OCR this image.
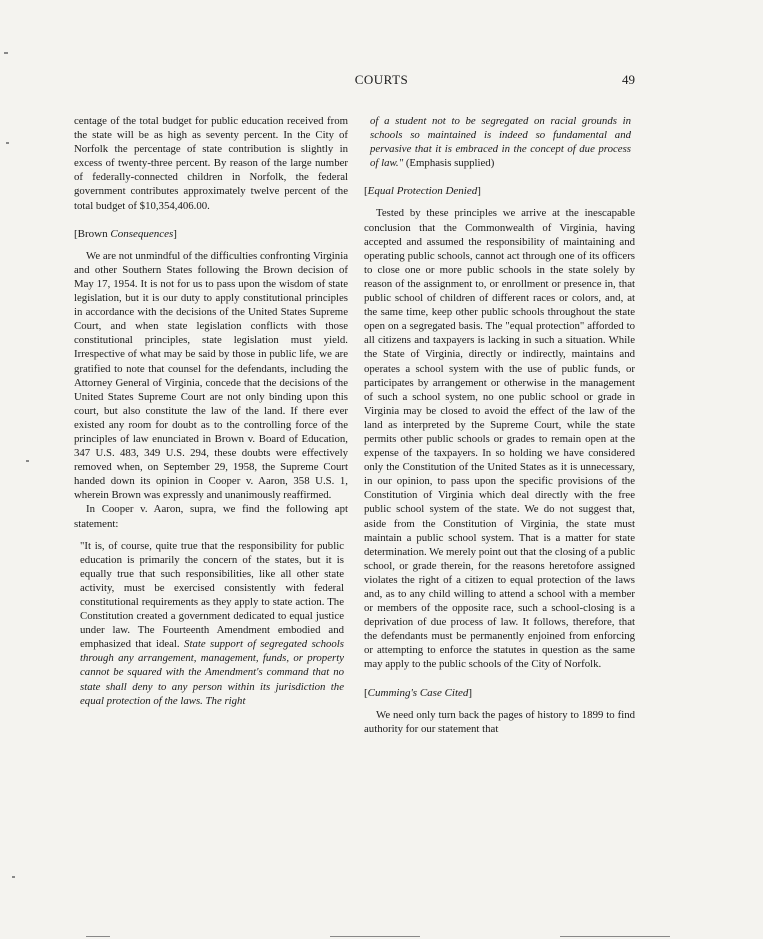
COURTS	49

centage of the total budget for public education received from the state will be as high as seventy percent. In the City of Norfolk the percentage of state contribution is slightly in excess of twenty-three percent. By reason of the large number of federally-connected children in Norfolk, the federal government contributes approximately twelve percent of the total budget of $10,354,406.00.

[Brown Consequences]

We are not unmindful of the difficulties confronting Virginia and other Southern States following the Brown decision of May 17, 1954. It is not for us to pass upon the wisdom of state legislation, but it is our duty to apply constitutional principles in accordance with the decisions of the United States Supreme Court, and when state legislation conflicts with those constitutional principles, state legislation must yield. Irrespective of what may be said by those in public life, we are gratified to note that counsel for the defendants, including the Attorney General of Virginia, concede that the decisions of the United States Supreme Court are not only binding upon this court, but also constitute the law of the land. If there ever existed any room for doubt as to the controlling force of the principles of law enunciated in Brown v. Board of Education, 347 U.S. 483, 349 U.S. 294, these doubts were effectively removed when, on September 29, 1958, the Supreme Court handed down its opinion in Cooper v. Aaron, 358 U.S. 1, wherein Brown was expressly and unanimously reaffirmed.

In Cooper v. Aaron, supra, we find the following apt statement:

"It is, of course, quite true that the responsibility for public education is primarily the concern of the states, but it is equally true that such responsibilities, like all other state activity, must be exercised consistently with federal constitutional requirements as they apply to state action. The Constitution created a government dedicated to equal justice under law. The Fourteenth Amendment embodied and emphasized that ideal. State support of segregated schools through any arrangement, management, funds, or property cannot be squared with the Amendment's command that no state shall deny to any person within its jurisdiction the equal protection of the laws. The right

of a student not to be segregated on racial grounds in schools so maintained is indeed so fundamental and pervasive that it is embraced in the concept of due process of law." (Emphasis supplied)

[Equal Protection Denied]

Tested by these principles we arrive at the inescapable conclusion that the Commonwealth of Virginia, having accepted and assumed the responsibility of maintaining and operating public schools, cannot act through one of its officers to close one or more public schools in the state solely by reason of the assignment to, or enrollment or presence in, that public school of children of different races or colors, and, at the same time, keep other public schools throughout the state open on a segregated basis. The "equal protection" afforded to all citizens and taxpayers is lacking in such a situation. While the State of Virginia, directly or indirectly, maintains and operates a school system with the use of public funds, or participates by arrangement or otherwise in the management of such a school system, no one public school or grade in Virginia may be closed to avoid the effect of the law of the land as interpreted by the Supreme Court, while the state permits other public schools or grades to remain open at the expense of the taxpayers. In so holding we have considered only the Constitution of the United States as it is unnecessary, in our opinion, to pass upon the specific provisions of the Constitution of Virginia which deal directly with the free public school system of the state. We do not suggest that, aside from the Constitution of Virginia, the state must maintain a public school system. That is a matter for state determination. We merely point out that the closing of a public school, or grade therein, for the reasons heretofore assigned violates the right of a citizen to equal protection of the laws and, as to any child willing to attend a school with a member or members of the opposite race, such a school-closing is a deprivation of due process of law. It follows, therefore, that the defendants must be permanently enjoined from enforcing or attempting to enforce the statutes in question as the same may apply to the public schools of the City of Norfolk.

[Cumming's Case Cited]

We need only turn back the pages of history to 1899 to find authority for our statement that
